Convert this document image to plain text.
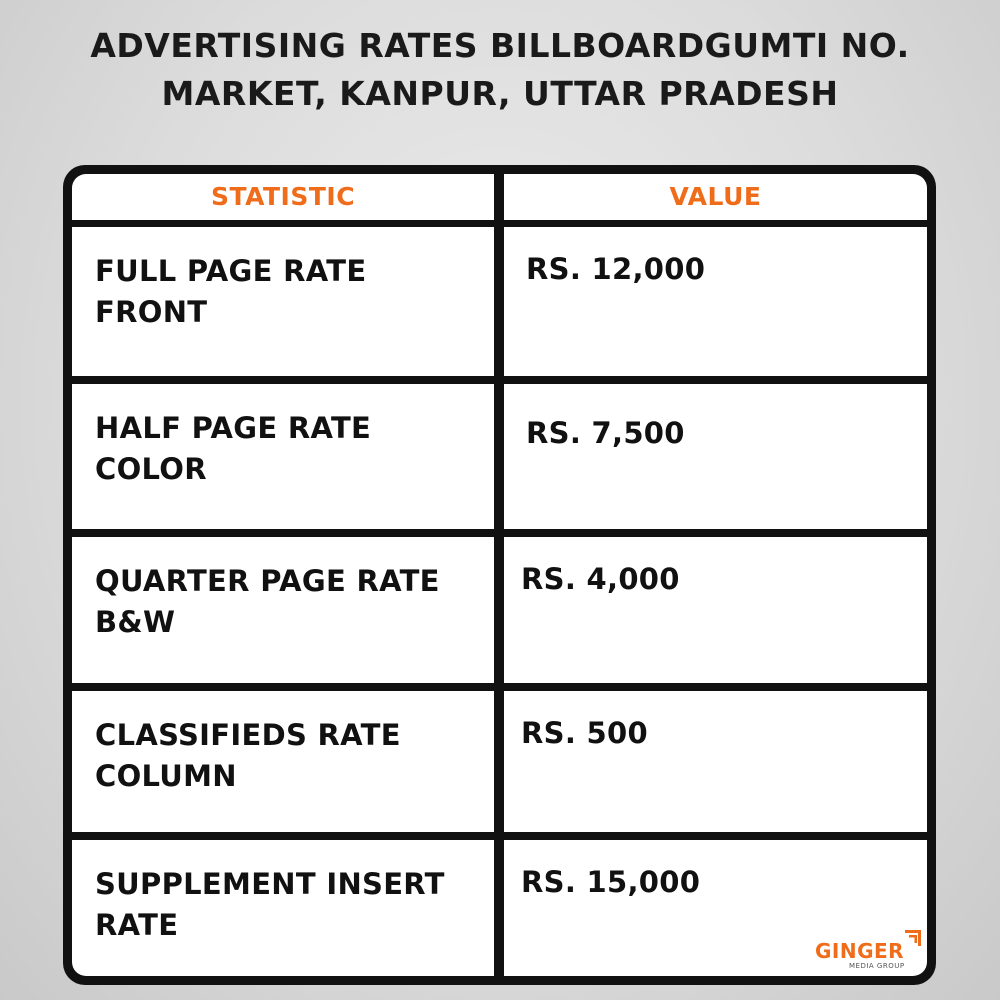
ADVERTISING RATES BILLBOARDGUMTI NO.
MARKET, KANPUR, UTTAR PRADESH
STATISTIC	VALUE
FULL PAGE RATE FRONT
RS. 12,000
HALF PAGE RATE COLOR
RS. 7,500
QUARTER PAGE RATE B&W
RS. 4,000
CLASSIFIEDS RATE COLUMN
RS. 500
SUPPLEMENT INSERT RATE
RS. 15,000
GINGER
MEDIA GROUP
